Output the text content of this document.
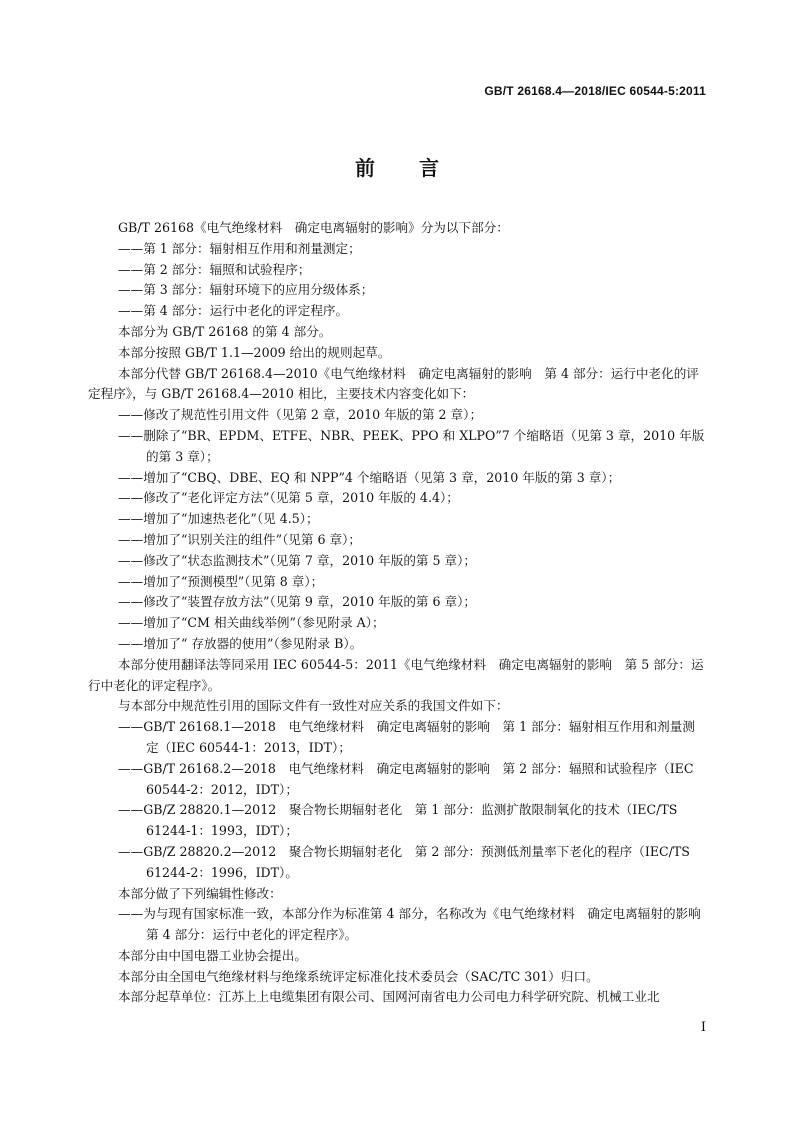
GB/T 26168.4—2018/IEC 60544-5:2011
前 言

GB/T 26168《电气绝缘材料　确定电离辐射的影响》分为以下部分：

——第 1 部分：辐射相互作用和剂量测定；

——第 2 部分：辐照和试验程序；

——第 3 部分：辐射环境下的应用分级体系；

——第 4 部分：运行中老化的评定程序。

本部分为 GB/T 26168 的第 4 部分。

本部分按照 GB/T 1.1—2009 给出的规则起草。

本部分代替 GB/T 26168.4—2010《电气绝缘材料　确定电离辐射的影响　第 4 部分：运行中老化的评定程序》，与 GB/T 26168.4—2010 相比，主要技术内容变化如下：

——修改了规范性引用文件（见第 2 章，2010 年版的第 2 章）；

——删除了“BR、EPDM、ETFE、NBR、PEEK、PPO 和 XLPO”7 个缩略语（见第 3 章，2010 年版的第 3 章）；

——增加了“CBQ、DBE、EQ 和 NPP”4 个缩略语（见第 3 章，2010 年版的第 3 章）；

——修改了“老化评定方法”（见第 5 章，2010 年版的 4.4）；

——增加了“加速热老化”（见 4.5）；

——增加了“识别关注的组件”（见第 6 章）；

——修改了“状态监测技术”（见第 7 章，2010 年版的第 5 章）；

——增加了“预测模型”（见第 8 章）；

——修改了“装置存放方法”（见第 9 章，2010 年版的第 6 章）；

——增加了“CM 相关曲线举例”（参见附录 A）；

——增加了“ 存放器的使用”（参见附录 B）。

本部分使用翻译法等同采用 IEC 60544-5：2011《电气绝缘材料　确定电离辐射的影响　第 5 部分：运行中老化的评定程序》。

与本部分中规范性引用的国际文件有一致性对应关系的我国文件如下：

——GB/T 26168.1—2018　电气绝缘材料　确定电离辐射的影响　第 1 部分：辐射相互作用和剂量测定（IEC 60544-1：2013，IDT）；

——GB/T 26168.2—2018　电气绝缘材料　确定电离辐射的影响　第 2 部分：辐照和试验程序（IEC 60544-2：2012，IDT）；

——GB/Z 28820.1—2012　聚合物长期辐射老化　第 1 部分：监测扩散限制氧化的技术（IEC/TS 61244-1：1993，IDT）；

——GB/Z 28820.2—2012　聚合物长期辐射老化　第 2 部分：预测低剂量率下老化的程序（IEC/TS 61244-2：1996，IDT）。

本部分做了下列编辑性修改：

——为与现有国家标准一致，本部分作为标准第 4 部分，名称改为《电气绝缘材料　确定电离辐射的影响　第 4 部分：运行中老化的评定程序》。

本部分由中国电器工业协会提出。

本部分由全国电气绝缘材料与绝缘系统评定标准化技术委员会（SAC/TC 301）归口。

本部分起草单位：江苏上上电缆集团有限公司、国网河南省电力公司电力科学研究院、机械工业北

I
